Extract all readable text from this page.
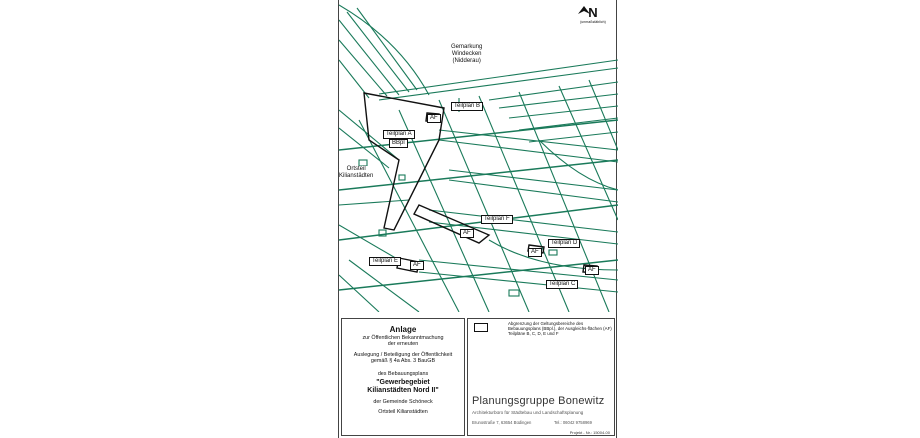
Gemarkung
Windecken
(Nidderau)
Ortsteil
Kilianstädten
Teilplan B
AF
Teilplan A
BBpl
Teilplan F
AF
Teilplan D
AF
Teilplan E
AF
AF
Teilplan C
N
(unmaßstäblich)
Anlage
zur Öffentlichen Bekanntmachung
der erneuten
Auslegung / Beteiligung der Öffentlichkeit
gemäß § 4a Abs. 3 BauGB
des Bebauungsplans
"Gewerbegebiet
Kilianstädten Nord II"
der Gemeinde Schöneck
Ortsteil Kilianstädten
Abgrenzung der Geltungsbereiche des Bebauungsplans (BBpl.), der Ausgleichs-flächen (AF) Teilpläne B, C, D, E und F
Planungsgruppe Bonewitz
Architekturbüro für Städtebau und Landschaftsplanung
Brunostraße 7, 63654 Büdingen	Tel.: 06042 9758969
Projekt - Nr.: 15004-00
